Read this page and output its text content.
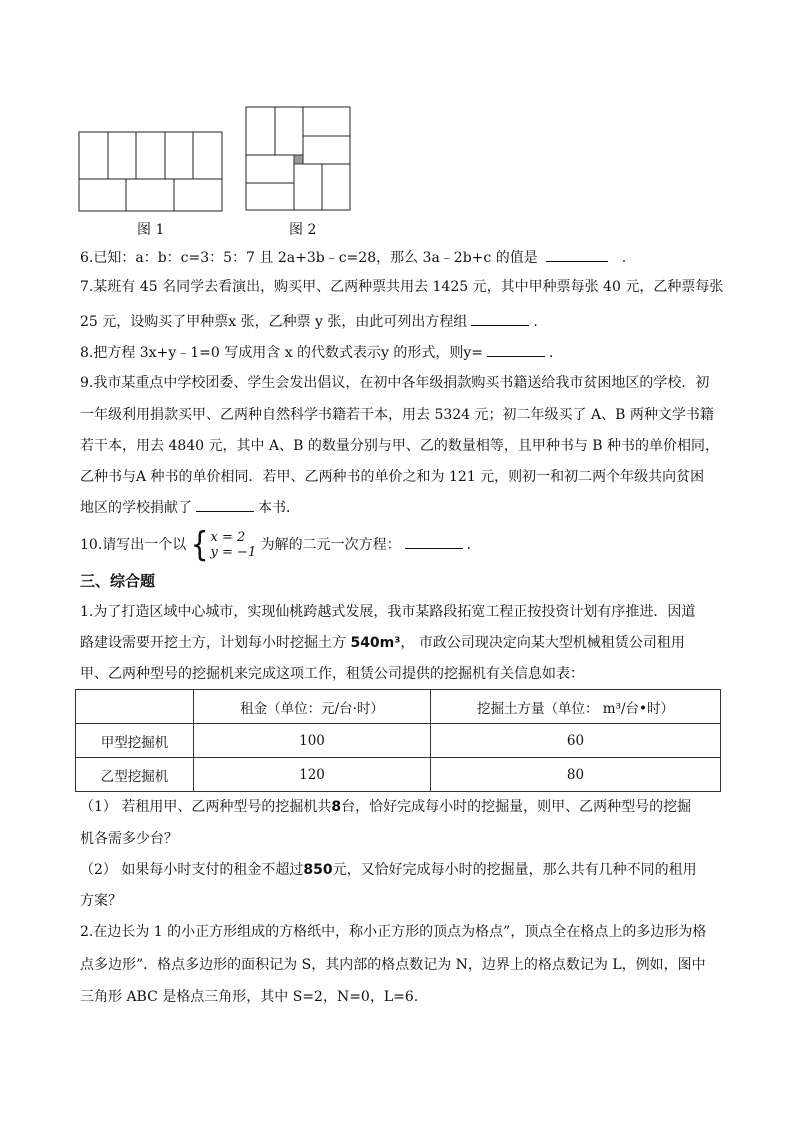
图 1	图 2
6.已知：a：b：c=3：5：7 且 2a+3b﹣c=28，那么 3a﹣2b+c 的值是	.
7.某班有 45 名同学去看演出，购买甲、乙两种票共用去 1425 元，其中甲种票每张 40 元，乙种票每张
25 元，设购买了甲种票x 张，乙种票 y 张，由此可列出方程组	.
8.把方程 3x+y﹣1=0 写成用含 x 的代数式表示y 的形式，则y=	.
9.我市某重点中学校团委、学生会发出倡议，在初中各年级捐款购买书籍送给我市贫困地区的学校．初
一年级利用捐款买甲、乙两种自然科学书籍若干本，用去 5324 元；初二年级买了 A、B 两种文学书籍
若干本，用去 4840 元，其中 A、B 的数量分别与甲、乙的数量相等，且甲种书与 B 种书的单价相同，
乙种书与A 种书的单价相同．若甲、乙两种书的单价之和为 121 元，则初一和初二两个年级共向贫困
地区的学校捐献了	本书．
10.请写出一个以 { x = 2
y = −1 为解的二元一次方程：	.
三、综合题
1.为了打造区域中心城市，实现仙桃跨越式发展，我市某路段拓宽工程正按投资计划有序推进．因道
路建设需要开挖土方，计划每小时挖掘土方 540m³， 市政公司现决定向某大型机械租赁公司租用
甲、乙两种型号的挖掘机来完成这项工作，租赁公司提供的挖掘机有关信息如表：
	租金（单位：元/台·时）	挖掘土方量（单位： m³/台•时）
甲型挖掘机	100	60
乙型挖掘机	120	80
（1） 若租用甲、乙两种型号的挖掘机共8台，恰好完成每小时的挖掘量，则甲、乙两种型号的挖掘
机各需多少台？
（2） 如果每小时支付的租金不超过850元，又恰好完成每小时的挖掘量，那么共有几种不同的租用
方案？
2.在边长为 1 的小正方形组成的方格纸中，称小正方形的顶点为格点”，顶点全在格点上的多边形为格
点多边形”．格点多边形的面积记为 S，其内部的格点数记为 N，边界上的格点数记为 L，例如，图中
三角形 ABC 是格点三角形，其中 S=2，N=0，L=6.
